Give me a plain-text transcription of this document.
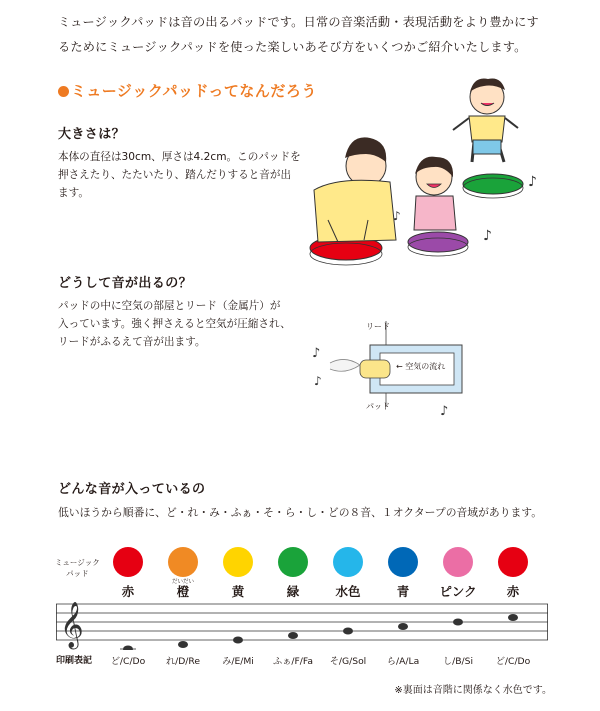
ミュージックパッドは音の出るパッドです。日常の音楽活動・表現活動をより豊かにす
るためにミュージックパッドを使った楽しいあそび方をいくつかご紹介いたします。
ミュージックパッドってなんだろう
大きさは？
本体の直径は30cm、厚さは4.2cm。このパッドを
押さえたり、たたいたり、踏んだりすると音が出
ます。
♪
♪
♪
どうして音が出るの？
パッドの中に空気の部屋とリード（金属片）が
入っています。強く押さえると空気が圧縮され、
リードがふるえて音が出ます。
♪
♪
♪
リード
← 空気の流れ
パッド
どんな音が入っているの
低いほうから順番に、ど・れ・み・ふぁ・そ・ら・し・どの８音、１オクタープの音域があります。
ミュージック
パッド
だいだい
赤	橙	黄	緑	水色	青	ピンク	赤
𝄞
印刷表記	ど/C/Do	れ/D/Re	み/E/Mi	ふぁ/F/Fa	そ/G/Sol	ら/A/La	し/B/Si	ど/C/Do
※裏面は音階に関係なく水色です。
